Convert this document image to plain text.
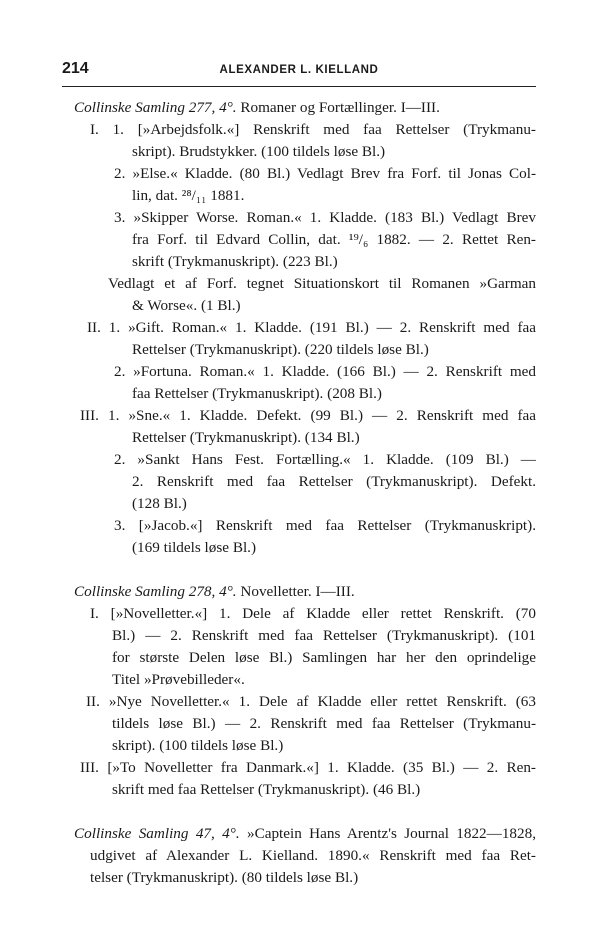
214	ALEXANDER L. KIELLAND
Collinske Samling 277, 4°. Romaner og Fortællinger. I—III.
I. 1. [»Arbejdsfolk.«] Renskrift med faa Rettelser (Trykmanu-
skript). Brudstykker. (100 tildels løse Bl.)
2. »Else.« Kladde. (80 Bl.) Vedlagt Brev fra Forf. til Jonas Col-
lin, dat. ²⁸/₁₁ 1881.
3. »Skipper Worse. Roman.« 1. Kladde. (183 Bl.) Vedlagt Brev
fra Forf. til Edvard Collin, dat. ¹⁹/₆ 1882. — 2. Rettet Ren-
skrift (Trykmanuskript). (223 Bl.)
Vedlagt et af Forf. tegnet Situationskort til Romanen »Garman
& Worse«. (1 Bl.)
II. 1. »Gift. Roman.« 1. Kladde. (191 Bl.) — 2. Renskrift med faa
Rettelser (Trykmanuskript). (220 tildels løse Bl.)
2. »Fortuna. Roman.« 1. Kladde. (166 Bl.) — 2. Renskrift med
faa Rettelser (Trykmanuskript). (208 Bl.)
III. 1. »Sne.« 1. Kladde. Defekt. (99 Bl.) — 2. Renskrift med faa
Rettelser (Trykmanuskript). (134 Bl.)
2. »Sankt Hans Fest. Fortælling.« 1. Kladde. (109 Bl.) —
2. Renskrift med faa Rettelser (Trykmanuskript). Defekt.
(128 Bl.)
3. [»Jacob.«] Renskrift med faa Rettelser (Trykmanuskript).
(169 tildels løse Bl.)
Collinske Samling 278, 4°. Novelletter. I—III.
I. [»Novelletter.«] 1. Dele af Kladde eller rettet Renskrift. (70
Bl.) — 2. Renskrift med faa Rettelser (Trykmanuskript). (101
for største Delen løse Bl.) Samlingen har her den oprindelige
Titel »Prøvebilleder«.
II. »Nye Novelletter.« 1. Dele af Kladde eller rettet Renskrift. (63
tildels løse Bl.) — 2. Renskrift med faa Rettelser (Trykmanu-
skript). (100 tildels løse Bl.)
III. [»To Novelletter fra Danmark.«] 1. Kladde. (35 Bl.) — 2. Ren-
skrift med faa Rettelser (Trykmanuskript). (46 Bl.)
Collinske Samling 47, 4°. »Captein Hans Arentz's Journal 1822—1828,
udgivet af Alexander L. Kielland. 1890.« Renskrift med faa Ret-
telser (Trykmanuskript). (80 tildels løse Bl.)
